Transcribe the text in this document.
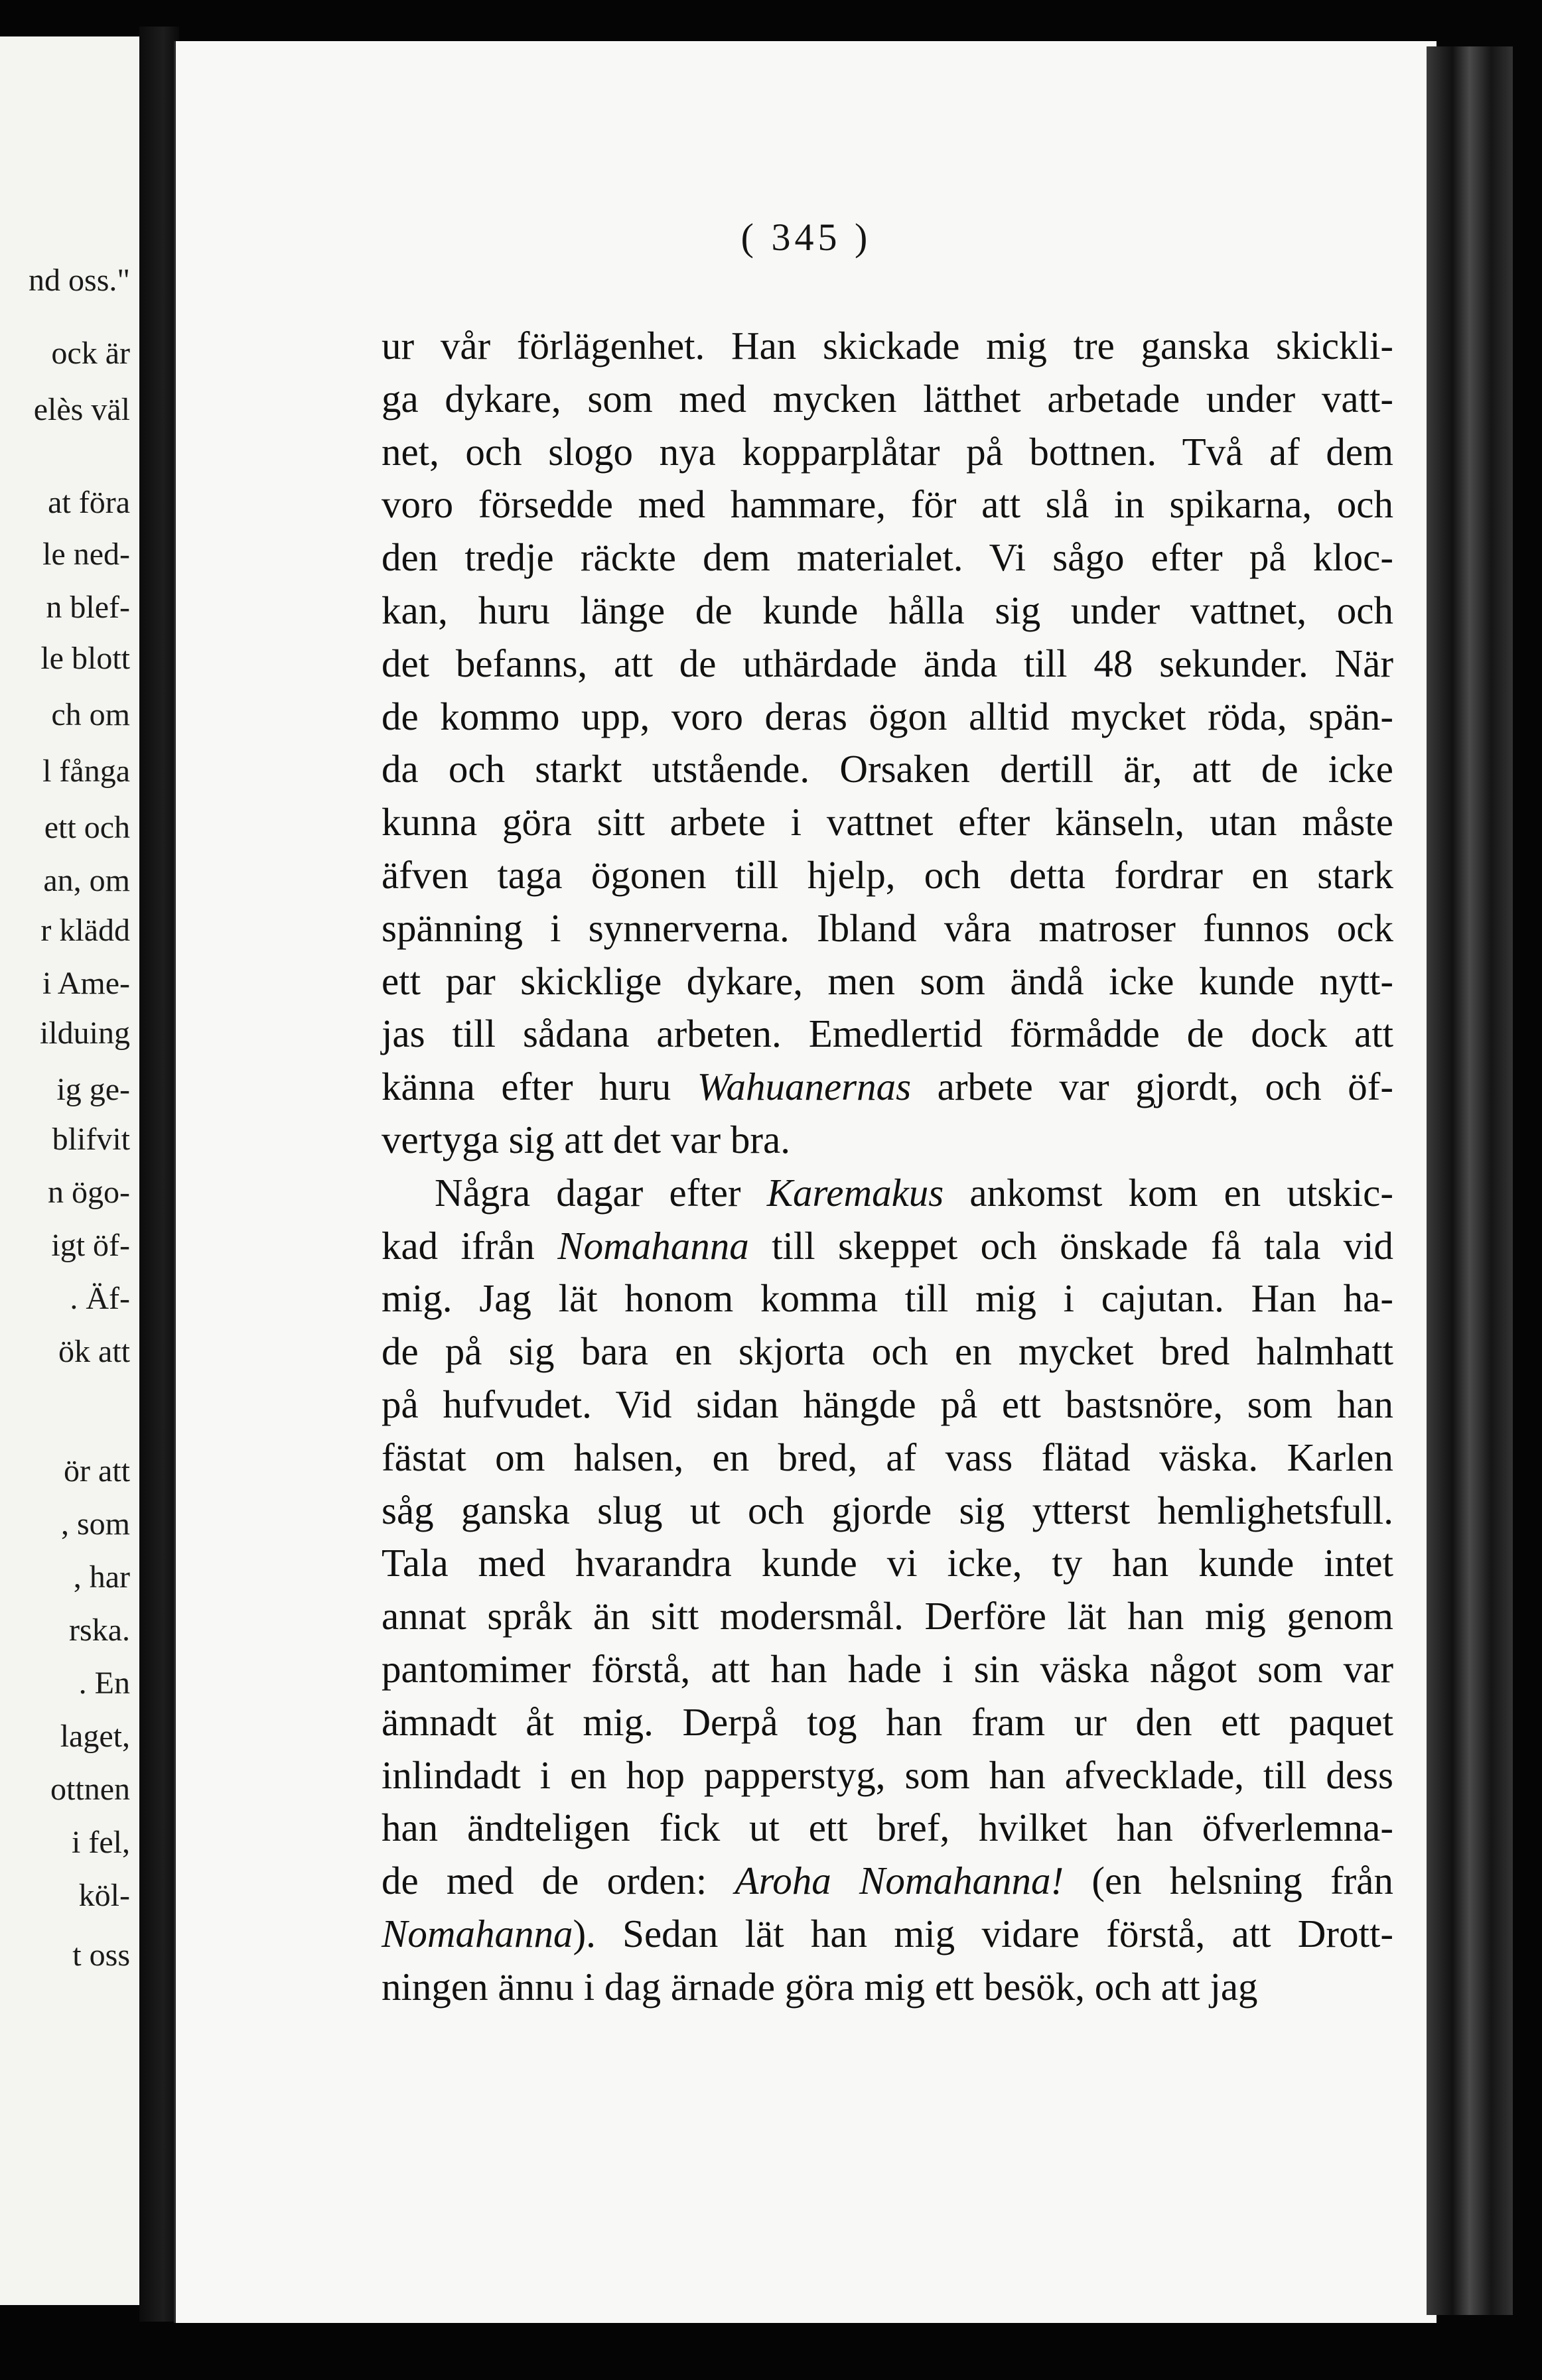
nd oss."
ock är
elès väl
at föra
le ned-
n blef-
le blott
ch om
l fånga
ett och
an, om
r klädd
i Ame-
ilduing
ig ge-
blifvit
n ögo-
igt öf-
. Äf-
ök att
ör att
, som
, har
rska.
. En
laget,
ottnen
i fel,
köl-
t oss
( 345 )
ur vår förlägenhet. Han skickade mig tre ganska skickli-
ga dykare, som med mycken lätthet arbetade under vatt-
net, och slogo nya kopparplåtar på bottnen. Två af dem
voro försedde med hammare, för att slå in spikarna, och
den tredje räckte dem materialet. Vi sågo efter på kloc-
kan, huru länge de kunde hålla sig under vattnet, och
det befanns, att de uthärdade ända till 48 sekunder. När
de kommo upp, voro deras ögon alltid mycket röda, spän-
da och starkt utstående. Orsaken dertill är, att de icke
kunna göra sitt arbete i vattnet efter känseln, utan måste
äfven taga ögonen till hjelp, och detta fordrar en stark
spänning i synnerverna. Ibland våra matroser funnos ock
ett par skicklige dykare, men som ändå icke kunde nytt-
jas till sådana arbeten. Emedlertid förmådde de dock att
känna efter huru Wahuanernas arbete var gjordt, och öf-
vertyga sig att det var bra.
Några dagar efter Karemakus ankomst kom en utskic-
kad ifrån Nomahanna till skeppet och önskade få tala vid
mig. Jag lät honom komma till mig i cajutan. Han ha-
de på sig bara en skjorta och en mycket bred halmhatt
på hufvudet. Vid sidan hängde på ett bastsnöre, som han
fästat om halsen, en bred, af vass flätad väska. Karlen
såg ganska slug ut och gjorde sig ytterst hemlighetsfull.
Tala med hvarandra kunde vi icke, ty han kunde intet
annat språk än sitt modersmål. Derföre lät han mig genom
pantomimer förstå, att han hade i sin väska något som var
ämnadt åt mig. Derpå tog han fram ur den ett paquet
inlindadt i en hop papperstyg, som han afvecklade, till dess
han ändteligen fick ut ett bref, hvilket han öfverlemna-
de med de orden: Aroha Nomahanna! (en helsning från
Nomahanna). Sedan lät han mig vidare förstå, att Drott-
ningen ännu i dag ärnade göra mig ett besök, och att jag
